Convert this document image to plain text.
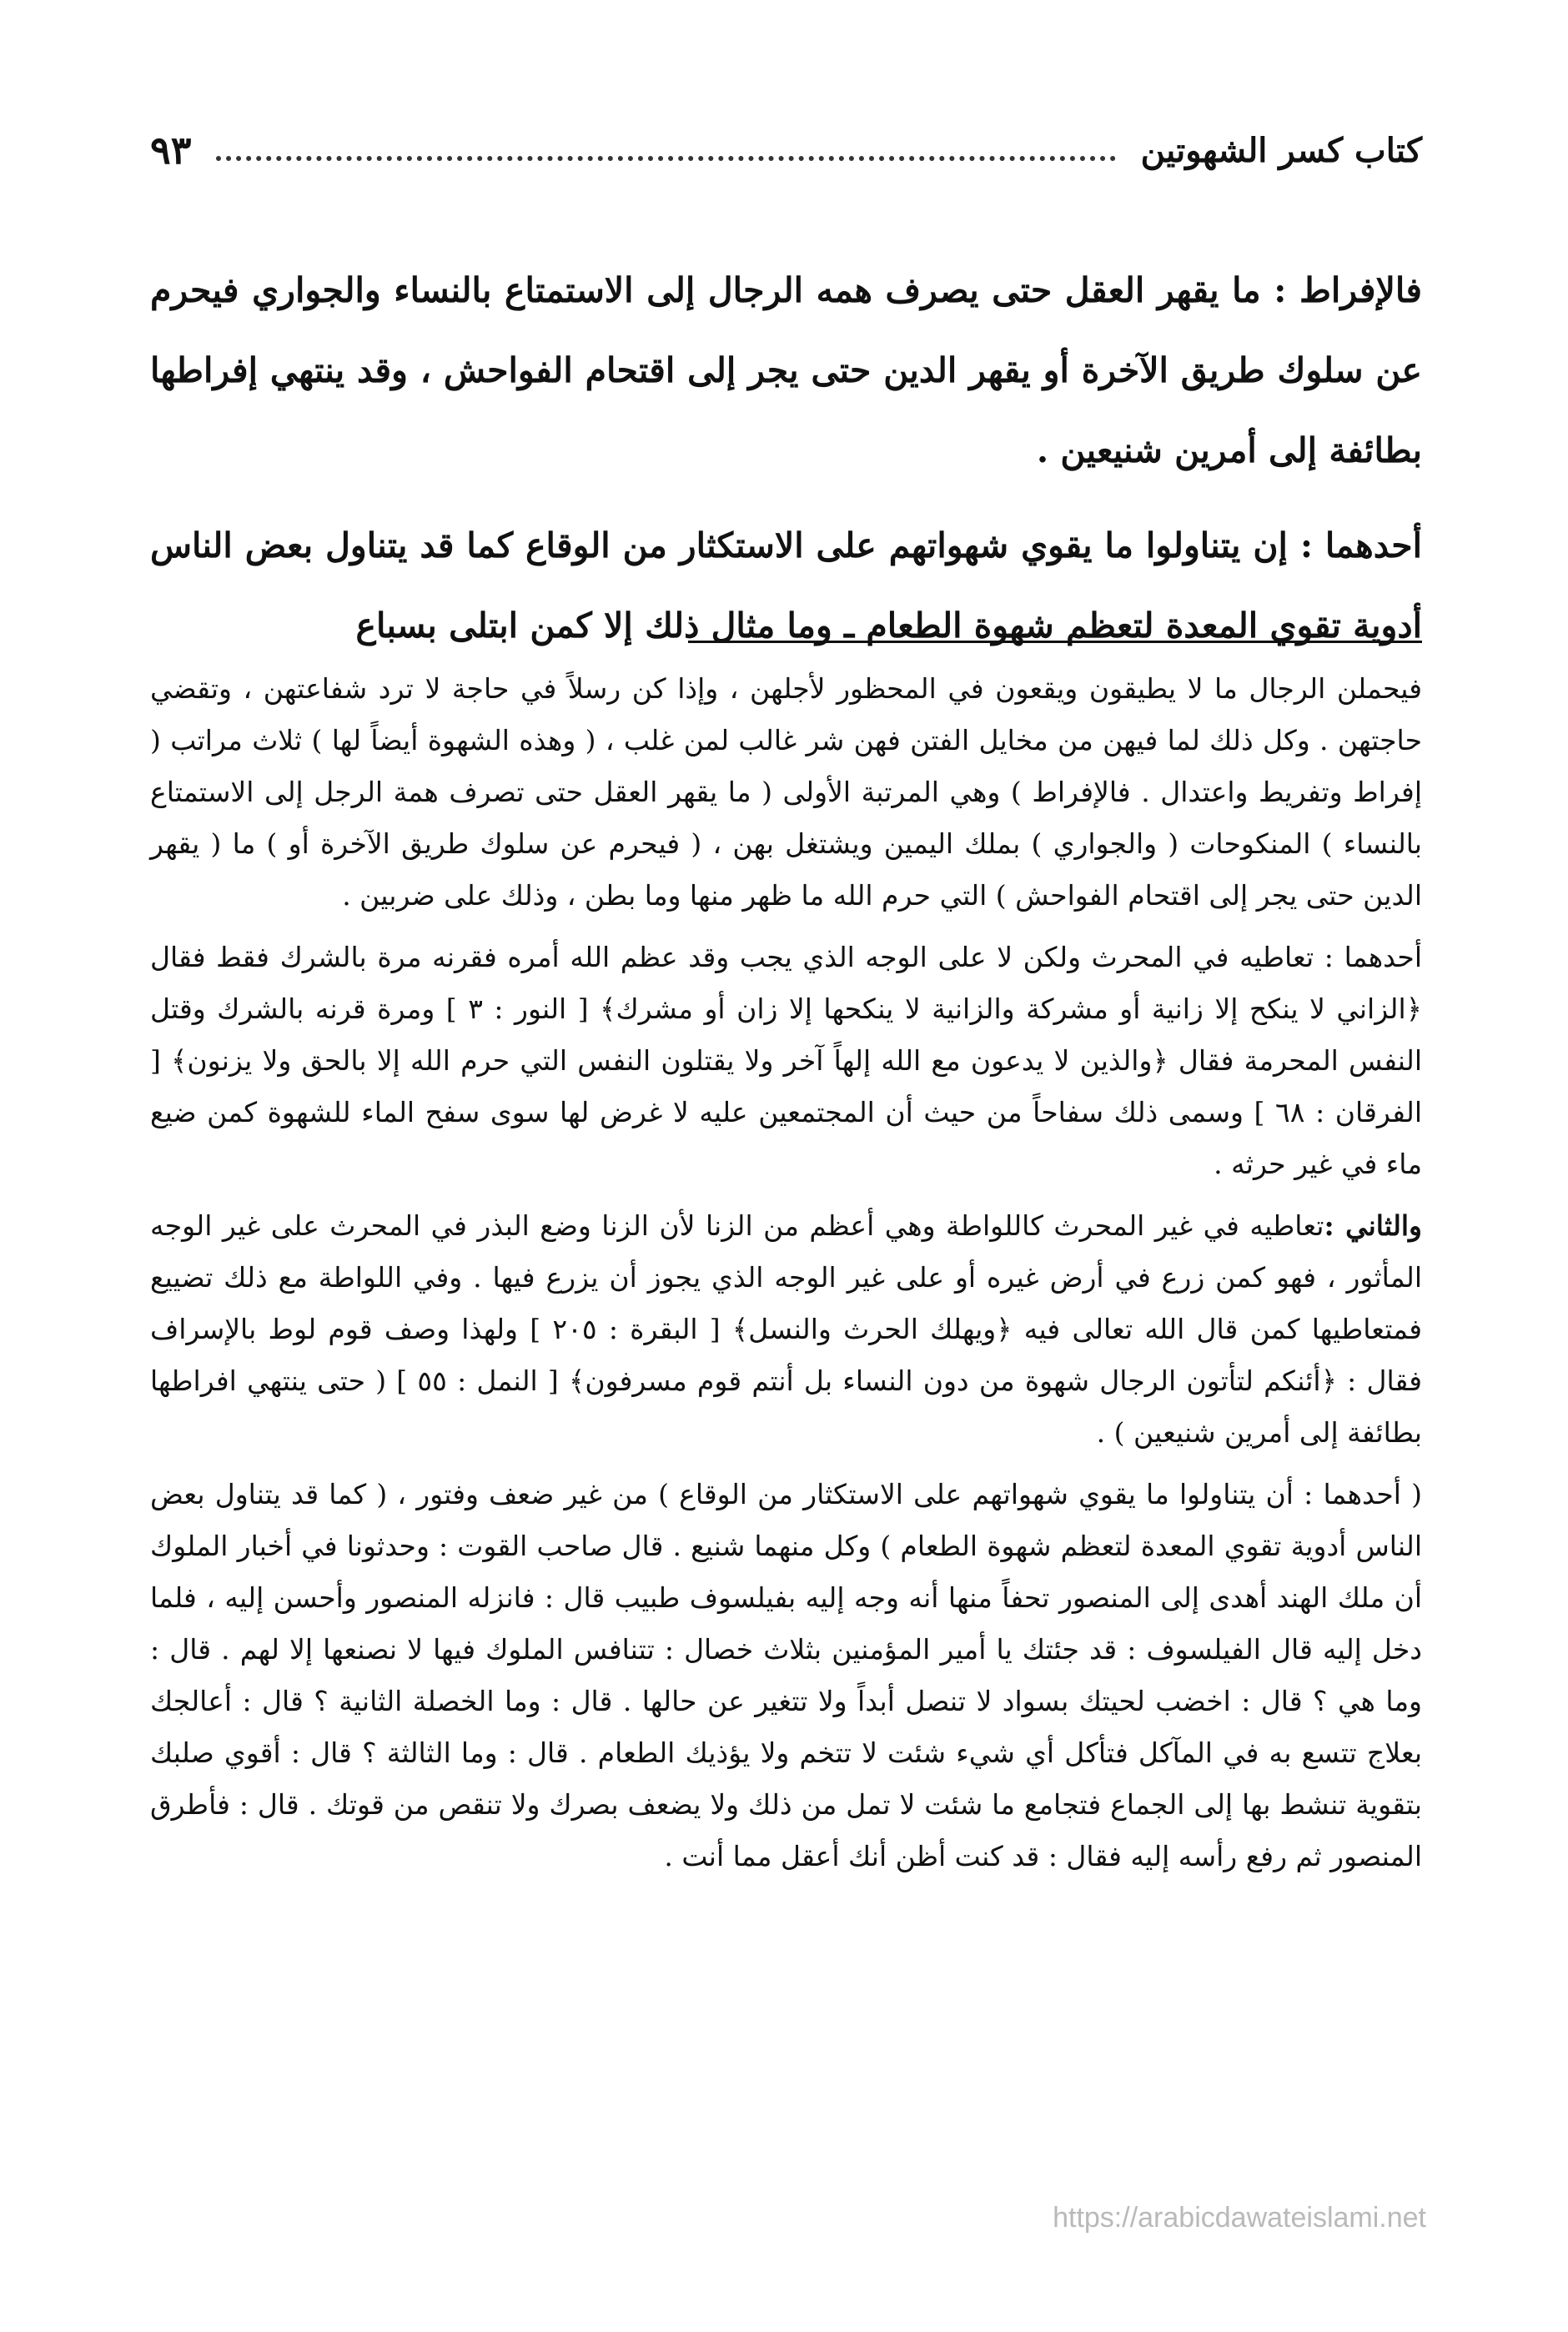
كتاب كسر الشهوتين
٩٣

فالإفراط : ما يقهر العقل حتى يصرف همه الرجال إلى الاستمتاع بالنساء والجواري فيحرم عن سلوك طريق الآخرة أو يقهر الدين حتى يجر إلى اقتحام الفواحش ، وقد ينتهي إفراطها بطائفة إلى أمرين شنيعين .

أحدهما : إن يتناولوا ما يقوي شهواتهم على الاستكثار من الوقاع كما قد يتناول بعض الناس أدوية تقوي المعدة لتعظم شهوة الطعام ـ وما مثال ذلك إلا كمن ابتلى بسباع

فيحملن الرجال ما لا يطيقون ويقعون في المحظور لأجلهن ، وإذا كن رسلاً في حاجة لا ترد شفاعتهن ، وتقضي حاجتهن . وكل ذلك لما فيهن من مخايل الفتن فهن شر غالب لمن غلب ، ( وهذه الشهوة أيضاً لها ) ثلاث مراتب ( إفراط وتفريط واعتدال . فالإفراط ) وهي المرتبة الأولى ( ما يقهر العقل حتى تصرف همة الرجل إلى الاستمتاع بالنساء ) المنكوحات ( والجواري ) بملك اليمين ويشتغل بهن ، ( فيحرم عن سلوك طريق الآخرة أو ) ما ( يقهر الدين حتى يجر إلى اقتحام الفواحش ) التي حرم الله ما ظهر منها وما بطن ، وذلك على ضربين .

أحدهما : تعاطيه في المحرث ولكن لا على الوجه الذي يجب وقد عظم الله أمره فقرنه مرة بالشرك فقط فقال ﴿الزاني لا ينكح إلا زانية أو مشركة والزانية لا ينكحها إلا زان أو مشرك﴾ [ النور : ٣ ] ومرة قرنه بالشرك وقتل النفس المحرمة فقال ﴿والذين لا يدعون مع الله إلهاً آخر ولا يقتلون النفس التي حرم الله إلا بالحق ولا يزنون﴾ [ الفرقان : ٦٨ ] وسمى ذلك سفاحاً من حيث أن المجتمعين عليه لا غرض لها سوى سفح الماء للشهوة كمن ضيع ماء في غير حرثه .

والثاني :تعاطيه في غير المحرث كاللواطة وهي أعظم من الزنا لأن الزنا وضع البذر في المحرث على غير الوجه المأثور ، فهو كمن زرع في أرض غيره أو على غير الوجه الذي يجوز أن يزرع فيها . وفي اللواطة مع ذلك تضييع فمتعاطيها كمن قال الله تعالى فيه ﴿ويهلك الحرث والنسل﴾ [ البقرة : ٢٠٥ ] ولهذا وصف قوم لوط بالإسراف فقال : ﴿أئنكم لتأتون الرجال شهوة من دون النساء بل أنتم قوم مسرفون﴾ [ النمل : ٥٥ ] ( حتى ينتهي افراطها بطائفة إلى أمرين شنيعين ) .

( أحدهما : أن يتناولوا ما يقوي شهواتهم على الاستكثار من الوقاع ) من غير ضعف وفتور ، ( كما قد يتناول بعض الناس أدوية تقوي المعدة لتعظم شهوة الطعام ) وكل منهما شنيع . قال صاحب القوت : وحدثونا في أخبار الملوك أن ملك الهند أهدى إلى المنصور تحفاً منها أنه وجه إليه بفيلسوف طبيب قال : فانزله المنصور وأحسن إليه ، فلما دخل إليه قال الفيلسوف : قد جئتك يا أمير المؤمنين بثلاث خصال : تتنافس الملوك فيها لا نصنعها إلا لهم . قال : وما هي ؟ قال : اخضب لحيتك بسواد لا تنصل أبداً ولا تتغير عن حالها . قال : وما الخصلة الثانية ؟ قال : أعالجك بعلاج تتسع به في المآكل فتأكل أي شيء شئت لا تتخم ولا يؤذيك الطعام . قال : وما الثالثة ؟ قال : أقوي صلبك بتقوية تنشط بها إلى الجماع فتجامع ما شئت لا تمل من ذلك ولا يضعف بصرك ولا تنقص من قوتك . قال : فأطرق المنصور ثم رفع رأسه إليه فقال : قد كنت أظن أنك أعقل مما أنت .

https://arabicdawateislami.net
